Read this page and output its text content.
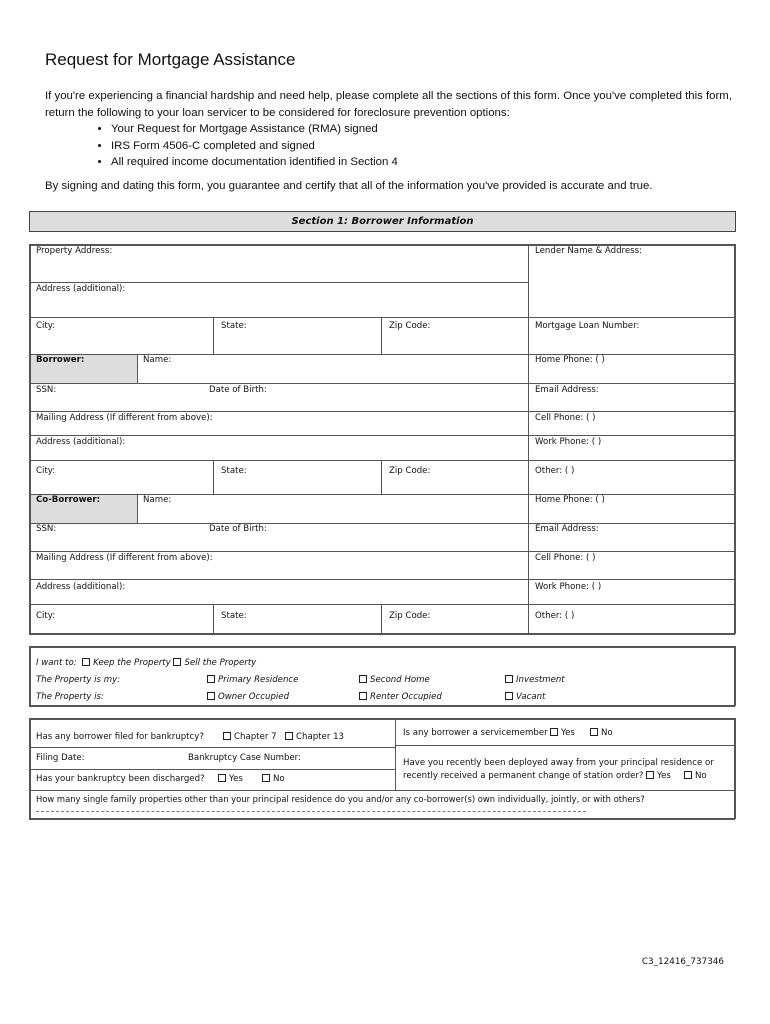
Request for Mortgage Assistance
If you're experiencing a financial hardship and need help, please complete all the sections of this form. Once you've completed this form, return the following to your loan servicer to be considered for foreclosure prevention options:
• Your Request for Mortgage Assistance (RMA) signed
• IRS Form 4506-C completed and signed
• All required income documentation identified in Section 4
By signing and dating this form, you guarantee and certify that all of the information you've provided is accurate and true.
Section 1: Borrower Information
Property Address:	Lender Name & Address:
Address (additional):
City:	State:	Zip Code:	Mortgage Loan Number:
Borrower:	Name:	Home Phone: ( )
SSN:	Date of Birth:	Email Address:
Mailing Address (If different from above):	Cell Phone: ( )
Address (additional):	Work Phone: ( )
City:	State:	Zip Code:	Other: ( )
Co-Borrower:	Name:	Home Phone: ( )
SSN:	Date of Birth:	Email Address:
Mailing Address (If different from above):	Cell Phone: ( )
Address (additional):	Work Phone: ( )
City:	State:	Zip Code:	Other: ( )
I want to: Keep the Property Sell the Property
The Property is my:	Primary Residence	Second Home	Investment
The Property is:	Owner Occupied	Renter Occupied	Vacant
Has any borrower filed for bankruptcy?	Chapter 7	Chapter 13	Is any borrower a servicemember	Yes	No
Filing Date:	Bankruptcy Case Number:	Have you recently been deployed away from your principal residence or
recently received a permanent change of station order?	Yes	No
Has your bankruptcy been discharged?	Yes	No
How many single family properties other than your principal residence do you and/or any co-borrower(s) own individually, jointly, or with others?
C3_12416_737346
